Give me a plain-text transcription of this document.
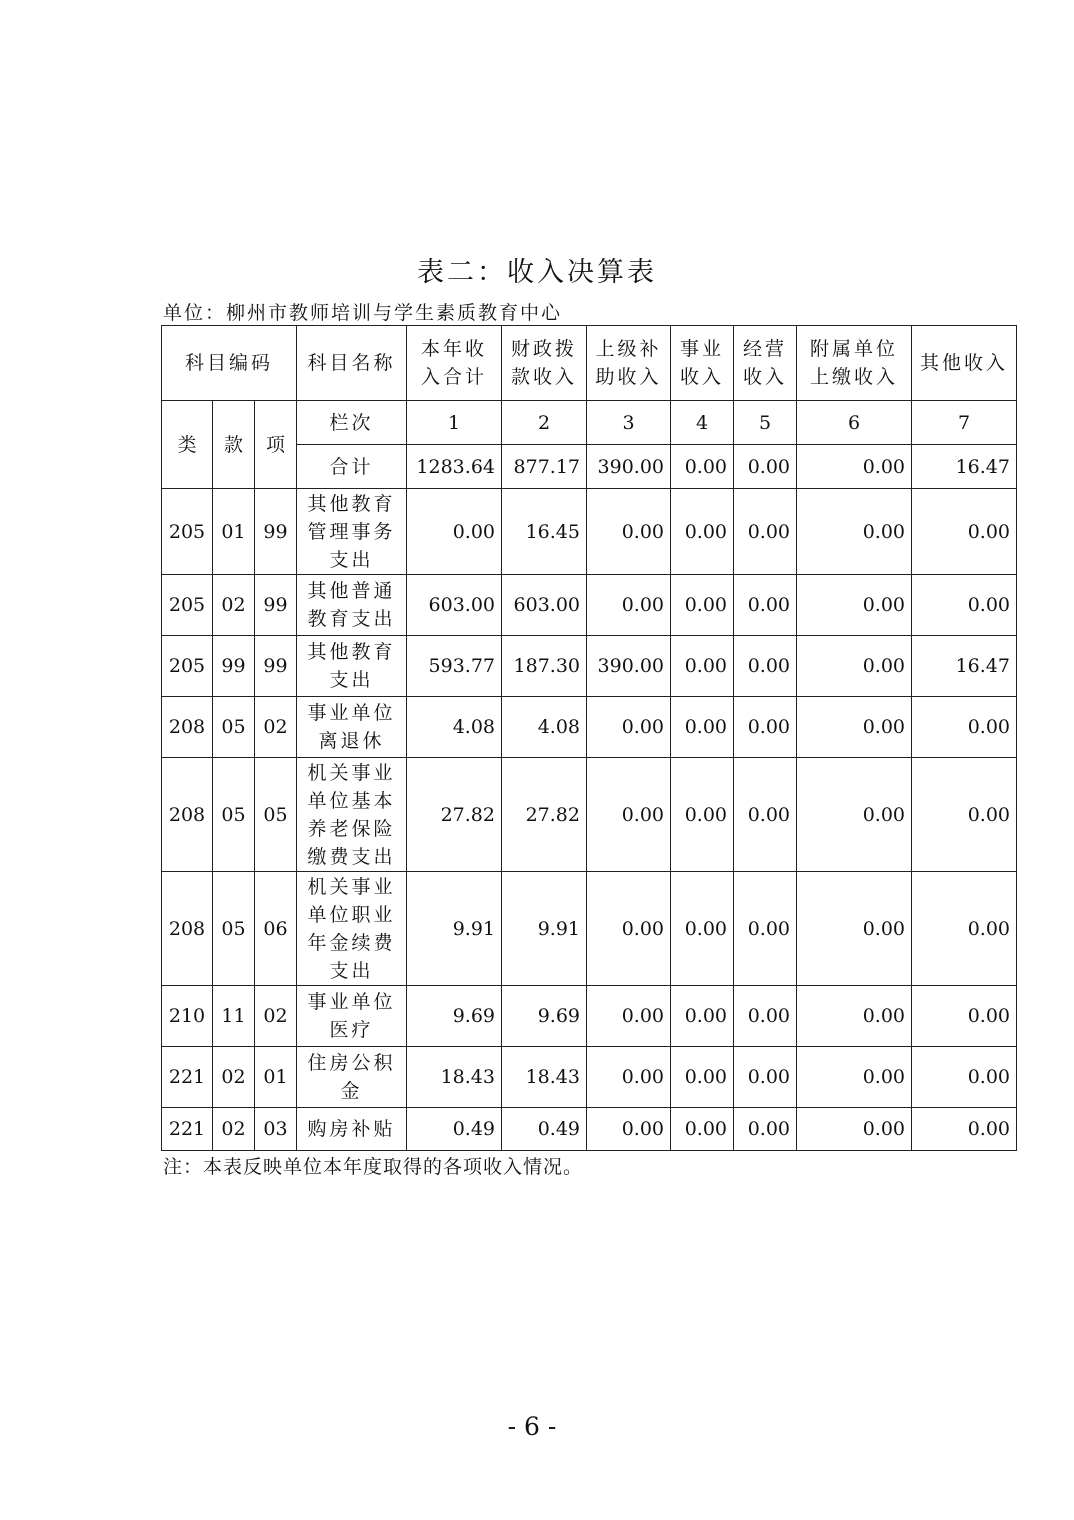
表二：收入决算表
单位：柳州市教师培训与学生素质教育中心
科目编码			科目名称	本年收入合计	财政拨款收入	上级补助收入	事业收入	经营收入	附属单位上缴收入	其他收入
类	款	项	栏次	1	2	3	4	5	6	7
			合计	1283.64	877.17	390.00	0.00	0.00	0.00	16.47
205	01	99	其他教育管理事务支出	0.00	16.45	0.00	0.00	0.00	0.00	0.00
205	02	99	其他普通教育支出	603.00	603.00	0.00	0.00	0.00	0.00	0.00
205	99	99	其他教育支出	593.77	187.30	390.00	0.00	0.00	0.00	16.47
208	05	02	事业单位离退休	4.08	4.08	0.00	0.00	0.00	0.00	0.00
208	05	05	机关事业单位基本养老保险缴费支出	27.82	27.82	0.00	0.00	0.00	0.00	0.00
208	05	06	机关事业单位职业年金续费支出	9.91	9.91	0.00	0.00	0.00	0.00	0.00
210	11	02	事业单位医疗	9.69	9.69	0.00	0.00	0.00	0.00	0.00
221	02	01	住房公积金	18.43	18.43	0.00	0.00	0.00	0.00	0.00
221	02	03	购房补贴	0.49	0.49	0.00	0.00	0.00	0.00	0.00
注：本表反映单位本年度取得的各项收入情况。
- 6 -
